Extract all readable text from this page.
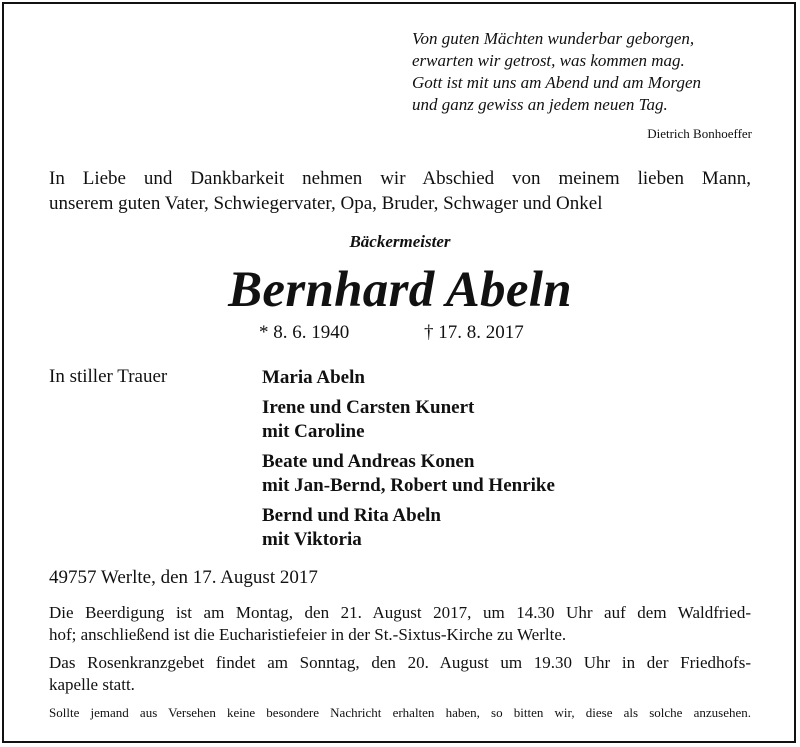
Von guten Mächten wunderbar geborgen,
erwarten wir getrost, was kommen mag.
Gott ist mit uns am Abend und am Morgen
und ganz gewiss an jedem neuen Tag.
Dietrich Bonhoeffer
In Liebe und Dankbarkeit nehmen wir Abschied von meinem lieben Mann,
unserem guten Vater, Schwiegervater, Opa, Bruder, Schwager und Onkel
Bäckermeister
Bernhard Abeln
* 8. 6. 1940	† 17. 8. 2017
In stiller Trauer	Maria Abeln
Irene und Carsten Kunert
mit Caroline
Beate und Andreas Konen
mit Jan-Bernd, Robert und Henrike
Bernd und Rita Abeln
mit Viktoria
49757 Werlte, den 17. August 2017
Die Beerdigung ist am Montag, den 21. August 2017, um 14.30 Uhr auf dem Waldfried-
hof; anschließend ist die Eucharistiefeier in der St.-Sixtus-Kirche zu Werlte.
Das Rosenkranzgebet findet am Sonntag, den 20. August um 19.30 Uhr in der Friedhofs-
kapelle statt.
Sollte jemand aus Versehen keine besondere Nachricht erhalten haben, so bitten wir, diese als solche anzusehen.
